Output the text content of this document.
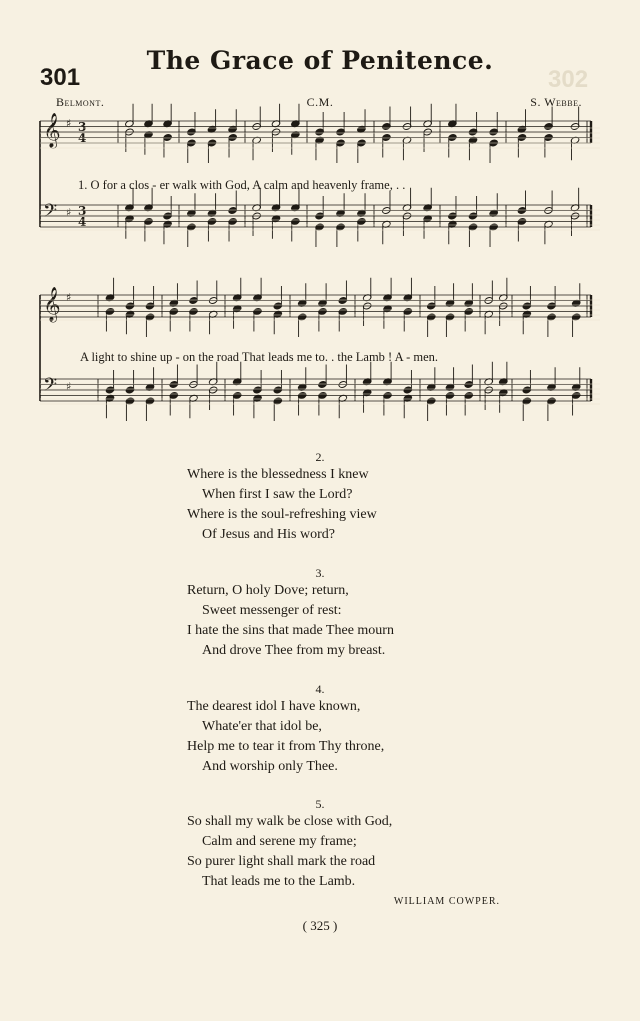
The Grace of Penitence.
301	302
Belmont.	C.M.	S. Webbe.
𝄞 ♯ 3
4
𝄢 ♯ 3
4
𝄞 ♯
𝄢 ♯
1. O for a clos - er walk with God, A calm and heavenly frame, . .
A light to shine up - on the road That leads me to. . the Lamb ! A - men.
2.
Where is the blessedness I knew
When first I saw the Lord?
Where is the soul-refreshing view
Of Jesus and His word?
3.
Return, O holy Dove; return,
Sweet messenger of rest:
I hate the sins that made Thee mourn
And drove Thee from my breast.
4.
The dearest idol I have known,
Whate'er that idol be,
Help me to tear it from Thy throne,
And worship only Thee.
5.
So shall my walk be close with God,
Calm and serene my frame;
So purer light shall mark the road
That leads me to the Lamb.
WILLIAM COWPER.
( 325 )
